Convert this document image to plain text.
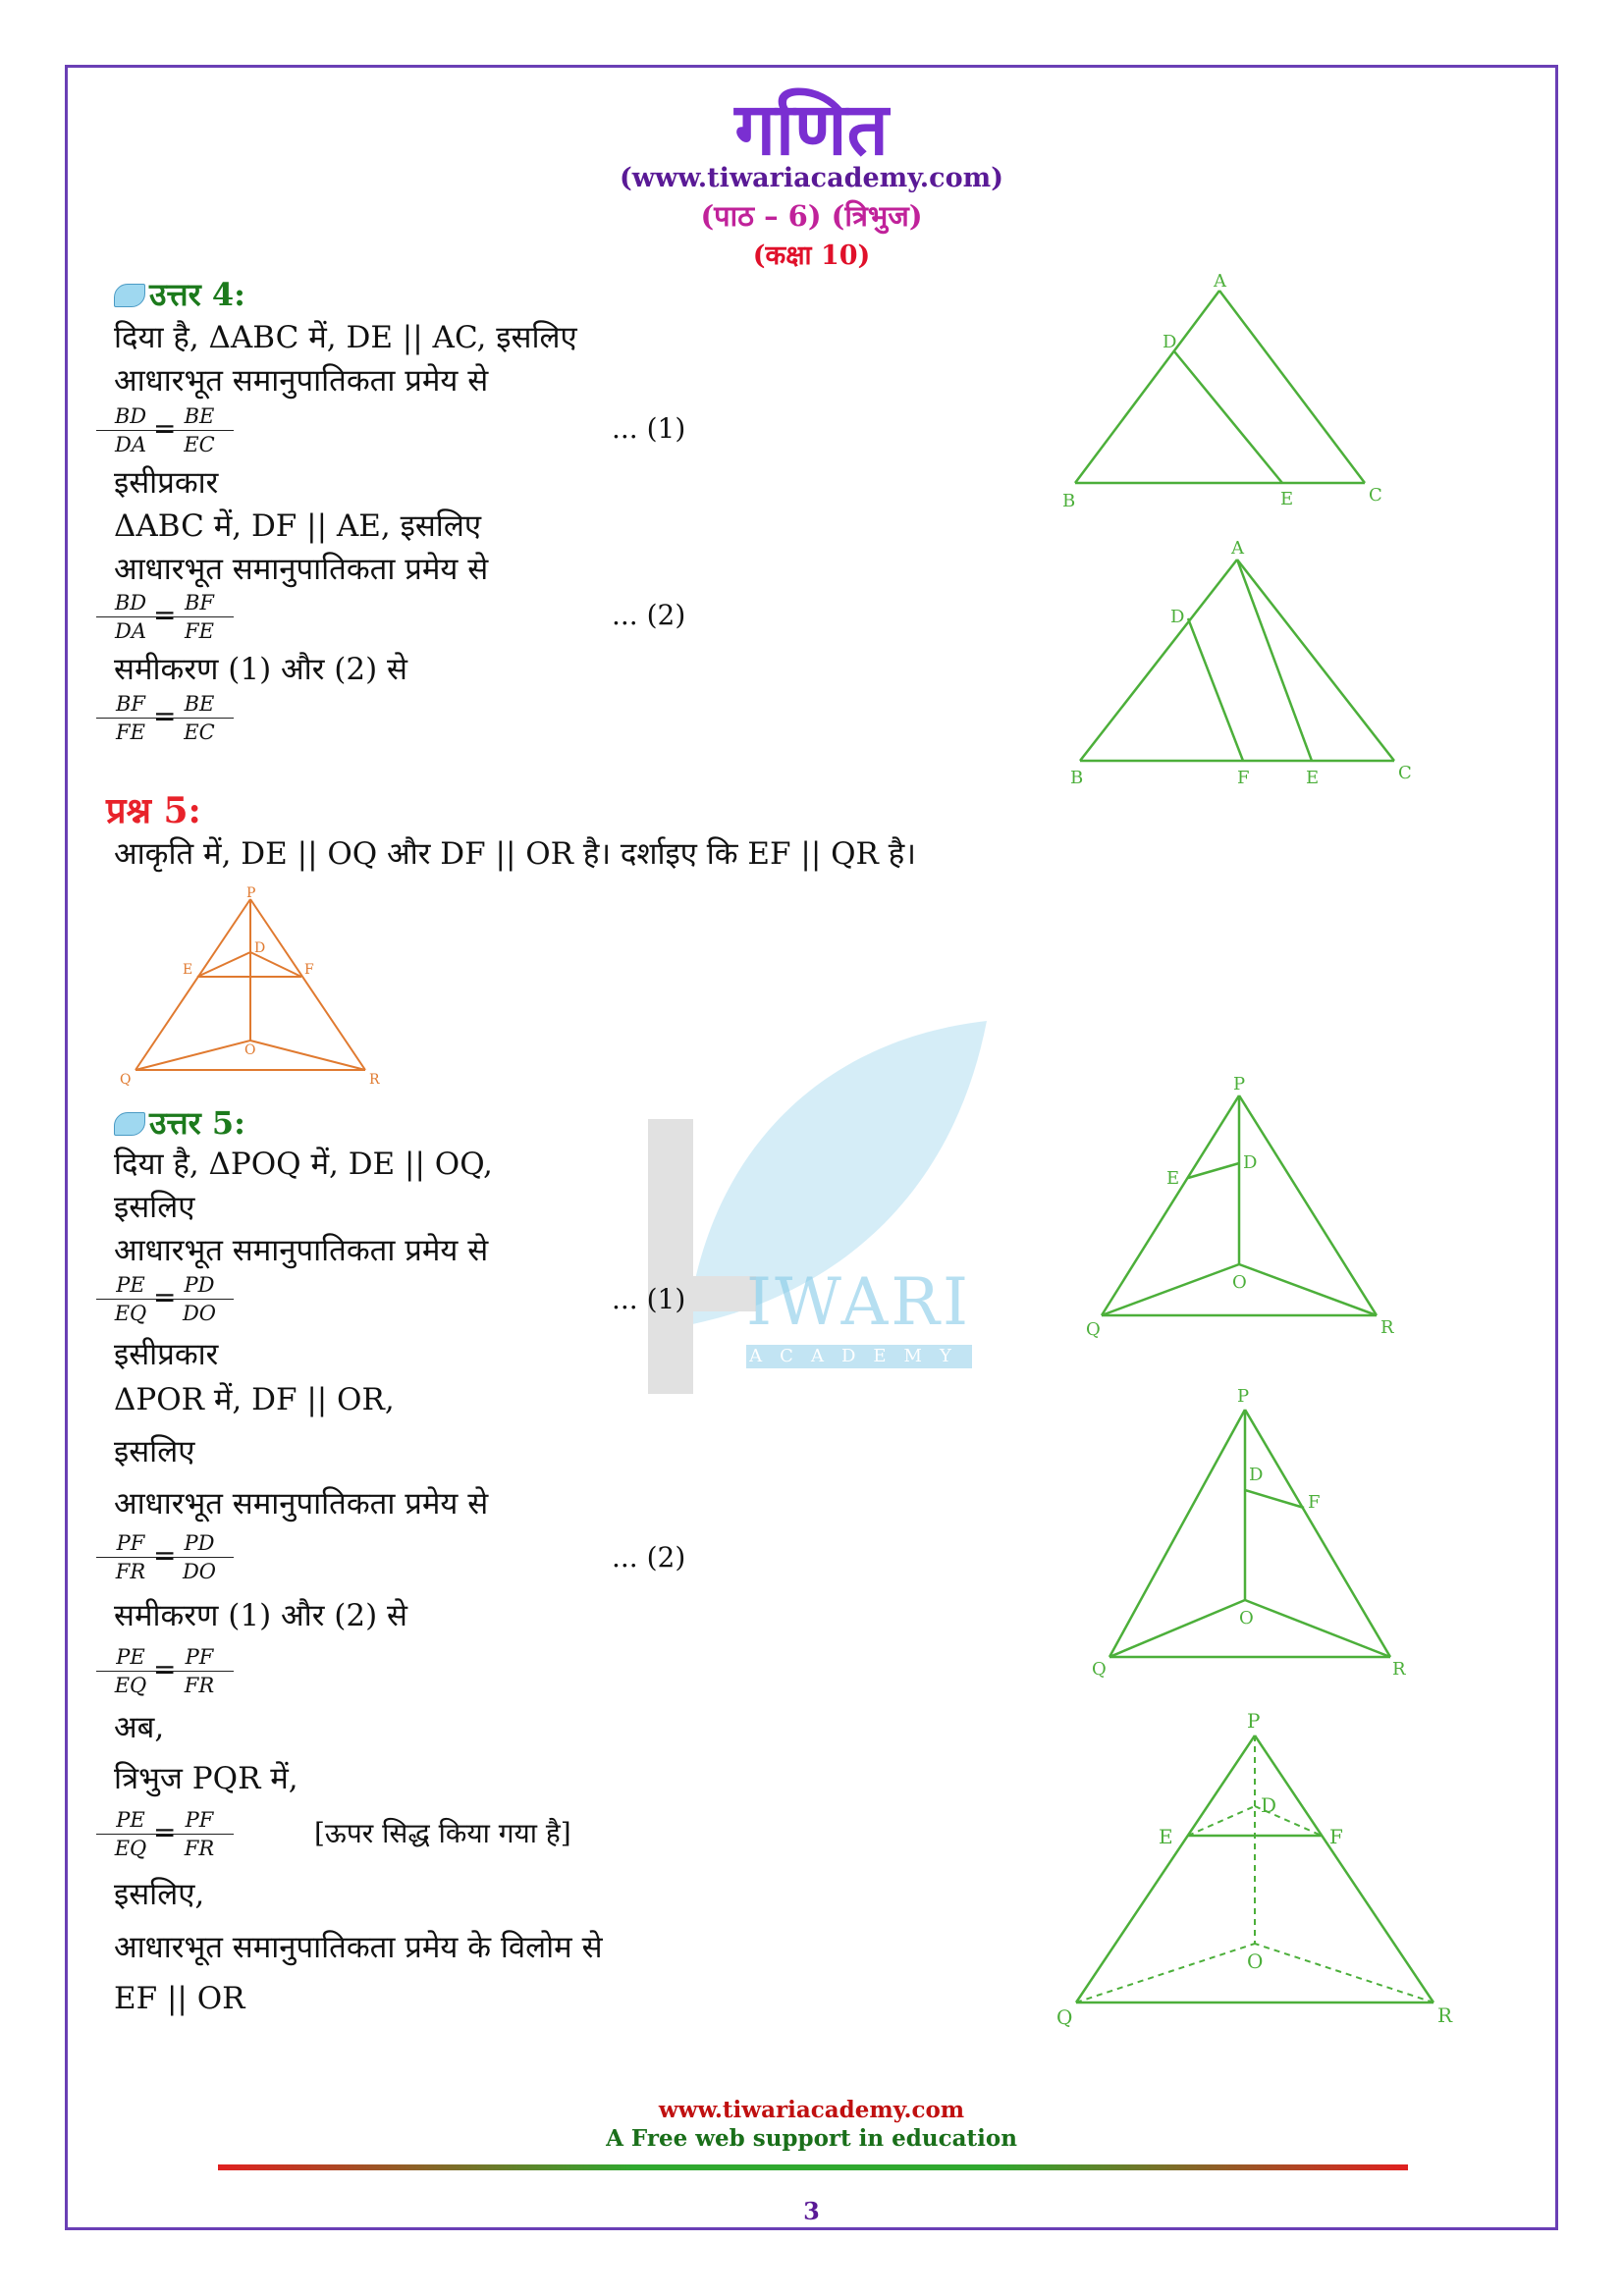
IWARI
ACADEMY
गणित
(www.tiwariacademy.com)
(पाठ – 6) (त्रिभुज)
(कक्षा 10)
उत्तर 4:
दिया है, ΔABC में, DE || AC, इसलिए
आधारभूत समानुपातिकता प्रमेय से
$\frac{BD}{DA}$
=
$\frac{BE}{EC}$	... (1)
इसीप्रकार
ΔABC में, DF || AE, इसलिए
आधारभूत समानुपातिकता प्रमेय से
$\frac{BD}{DA}$
=
$\frac{BF}{FE}$	... (2)
समीकरण (1) और (2) से
$\frac{BF}{FE}$
=
$\frac{BE}{EC}$
A
D
B	E	C
A
D
B	F	E	C
प्रश्न 5:
आकृति में, DE || OQ और DF || OR है। दर्शाइए कि EF || QR है।
P
D
E	F
O
Q	R
उत्तर 5:
दिया है, ΔPOQ में, DE || OQ,
इसलिए
आधारभूत समानुपातिकता प्रमेय से
$\frac{PE}{EQ}$
=
$\frac{PD}{DO}$	... (1)
इसीप्रकार
ΔPOR में, DF || OR,
इसलिए
आधारभूत समानुपातिकता प्रमेय से
$\frac{PF}{FR}$
=
$\frac{PD}{DO}$	... (2)
समीकरण (1) और (2) से
$\frac{PE}{EQ}$
=
$\frac{PF}{FR}$
अब,
त्रिभुज PQR में,
$\frac{PE}{EQ}$
=
$\frac{PF}{FR}$	[ऊपर सिद्ध किया गया है]
इसलिए,
आधारभूत समानुपातिकता प्रमेय के विलोम से
EF || OR
P
D
E
O
Q	R
P
D
F
O
Q	R
P
D
E	F
O
Q	R
www.tiwariacademy.com
A Free web support in education
3
